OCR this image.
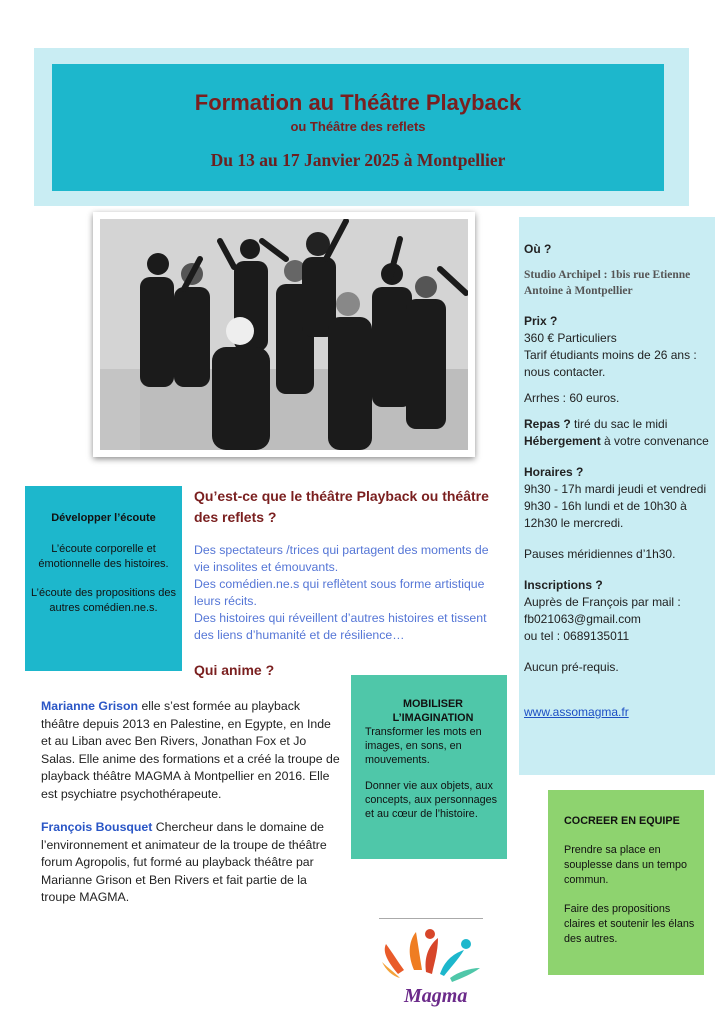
Formation au Théâtre Playback
ou Théâtre des reflets
Du 13 au 17 Janvier 2025 à Montpellier

Où ?

Studio Archipel : 1bis rue Etienne Antoine à Montpellier

Prix ?

360 € Particuliers

Tarif étudiants moins de 26 ans : nous contacter.

Arrhes : 60 euros.

Repas ? tiré du sac le midi

Hébergement à votre convenance

Horaires ?

9h30 - 17h mardi jeudi et vendredi

9h30 - 16h lundi et de 10h30 à 12h30 le mercredi.

Pauses méridiennes d’1h30.

Inscriptions ?

Auprès de François par mail :

fb021063@gmail.com

ou tel : 0689135011

Aucun pré-requis.

www.assomagma.fr

Développer l’écoute

L’écoute corporelle et émotionnelle des histoires.

L’écoute des propositions des autres comédien.ne.s.

Qu’est-ce que le théâtre Playback ou théâtre des reflets ?

Des spectateurs /trices qui partagent des moments de vie insolites et émouvants.

Des comédien.ne.s qui reflètent sous forme artistique leurs récits.

Des histoires qui réveillent d’autres histoires et tissent des liens d’humanité et de résilience…

Qui anime ?
Marianne Grison elle s’est formée au playback théâtre depuis 2013 en Palestine, en Egypte, en Inde et au Liban avec Ben Rivers, Jonathan Fox et Jo Salas. Elle anime des formations et a créé la troupe de playback théâtre MAGMA à Montpellier en 2016. Elle est psychiatre psychothérapeute.
François Bousquet Chercheur dans le domaine de l’environnement et animateur de la troupe de théâtre forum Agropolis, fut formé au playback théâtre par Marianne Grison et Ben Rivers et fait partie de la troupe MAGMA.
MOBILISER L’IMAGINATION

Transformer les mots en images, en sons, en mouvements.

Donner vie aux objets, aux concepts, aux personnages et au cœur de l’histoire.

COCREER EN EQUIPE

Prendre sa place en souplesse dans un tempo commun.

Faire des propositions claires et soutenir les élans des autres.

Magma
